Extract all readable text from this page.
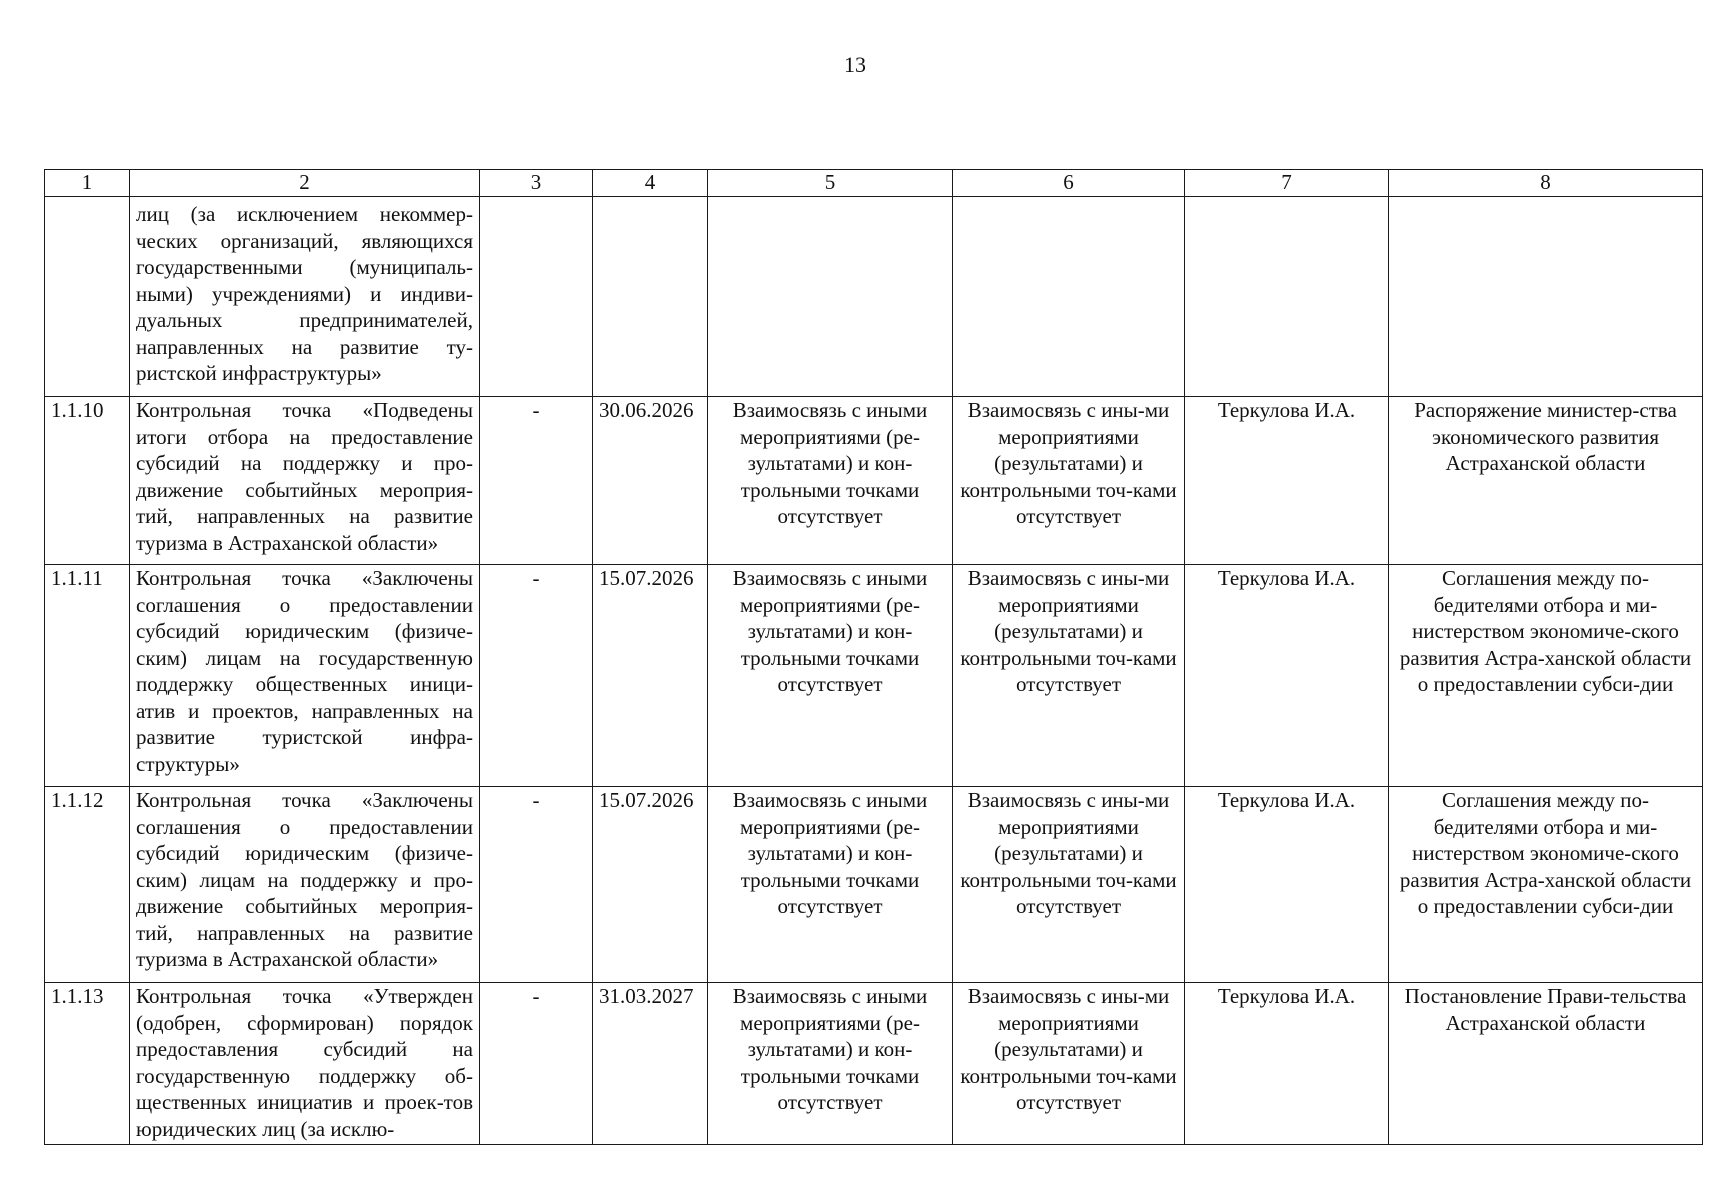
13
1	2	3	4	5	6	7	8
	лиц (за исключением некоммер-ческих организаций, являющихся государственными (муниципаль-ными) учреждениями) и индиви-дуальных предпринимателей, направленных на развитие ту-ристской инфраструктуры»						
1.1.10	Контрольная точка «Подведены итоги отбора на предоставление субсидий на поддержку и про-движение событийных мероприя-тий, направленных на развитие туризма в Астраханской области»	-	30.06.2026	Взаимосвязь с иными мероприятиями (ре-зультатами) и кон-трольными точками отсутствует	Взаимосвязь с ины-ми мероприятиями (результатами) и контрольными точ-ками отсутствует	Теркулова И.А.	Распоряжение министер-ства экономического развития Астраханской области
1.1.11	Контрольная точка «Заключены соглашения о предоставлении субсидий юридическим (физиче-ским) лицам на государственную поддержку общественных иници-атив и проектов, направленных на развитие туристской инфра-структуры»	-	15.07.2026	Взаимосвязь с иными мероприятиями (ре-зультатами) и кон-трольными точками отсутствует	Взаимосвязь с ины-ми мероприятиями (результатами) и контрольными точ-ками отсутствует	Теркулова И.А.	Соглашения между по-бедителями отбора и ми-нистерством экономиче-ского развития Астра-ханской области о предоставлении субси-дии
1.1.12	Контрольная точка «Заключены соглашения о предоставлении субсидий юридическим (физиче-ским) лицам на поддержку и про-движение событийных мероприя-тий, направленных на развитие туризма в Астраханской области»	-	15.07.2026	Взаимосвязь с иными мероприятиями (ре-зультатами) и кон-трольными точками отсутствует	Взаимосвязь с ины-ми мероприятиями (результатами) и контрольными точ-ками отсутствует	Теркулова И.А.	Соглашения между по-бедителями отбора и ми-нистерством экономиче-ского развития Астра-ханской области о предоставлении субси-дии
1.1.13	Контрольная точка «Утвержден (одобрен, сформирован) порядок предоставления субсидий на государственную поддержку об-щественных инициатив и проек-тов юридических лиц (за исклю-	-	31.03.2027	Взаимосвязь с иными мероприятиями (ре-зультатами) и кон-трольными точками отсутствует	Взаимосвязь с ины-ми мероприятиями (результатами) и контрольными точ-ками отсутствует	Теркулова И.А.	Постановление Прави-тельства Астраханской области
